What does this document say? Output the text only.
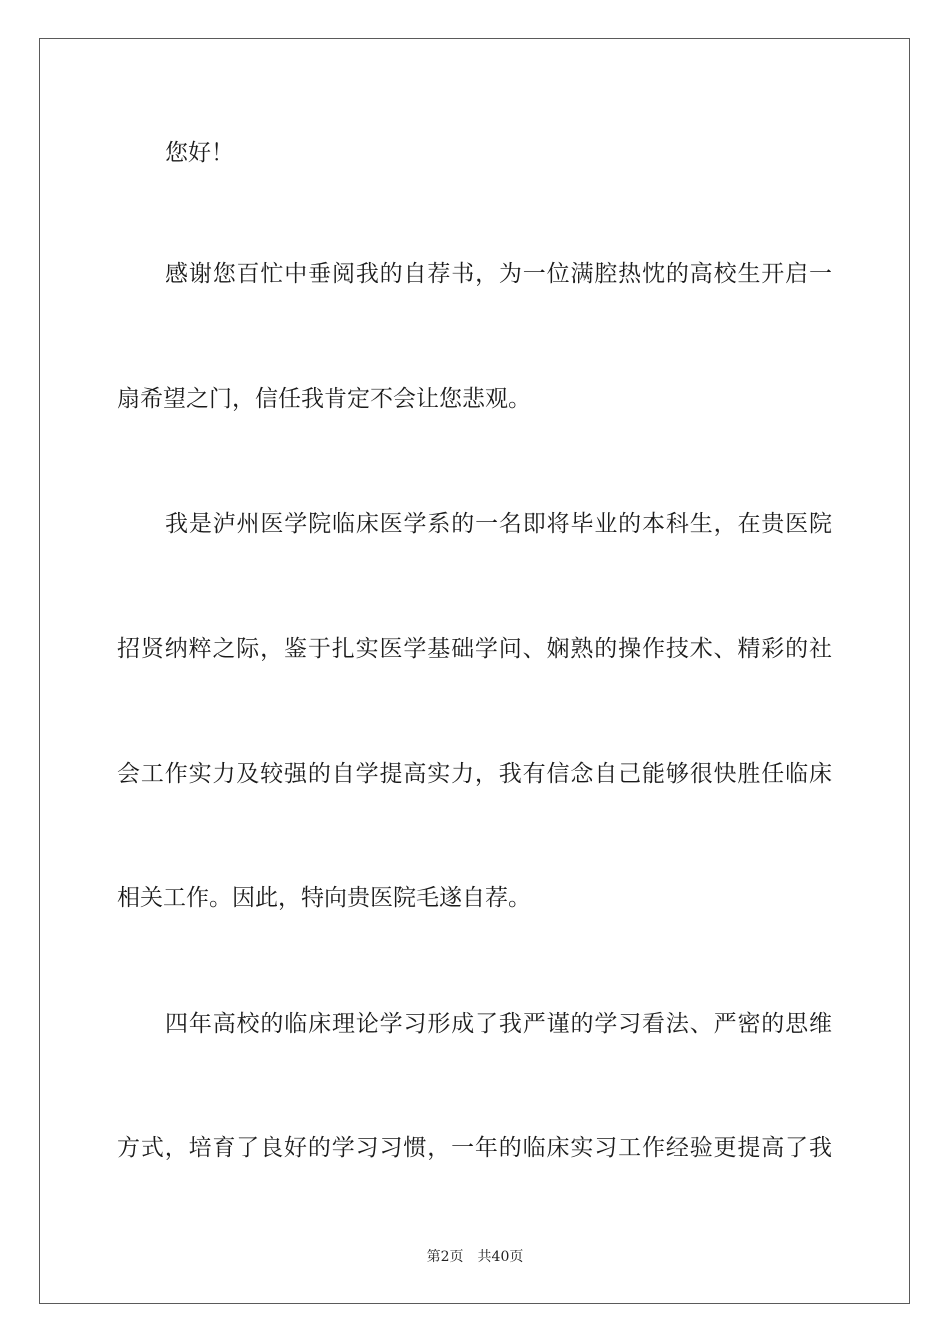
您好！

感谢您百忙中垂阅我的自荐书，为一位满腔热忱的高校生开启一

扇希望之门，信任我肯定不会让您悲观。

我是泸州医学院临床医学系的一名即将毕业的本科生，在贵医院

招贤纳粹之际，鉴于扎实医学基础学问、娴熟的操作技术、精彩的社

会工作实力及较强的自学提高实力，我有信念自己能够很快胜任临床

相关工作。因此，特向贵医院毛遂自荐。

四年高校的临床理论学习形成了我严谨的学习看法、严密的思维

方式，培育了良好的学习习惯，一年的临床实习工作经验更提高了我

第2页 共40页
